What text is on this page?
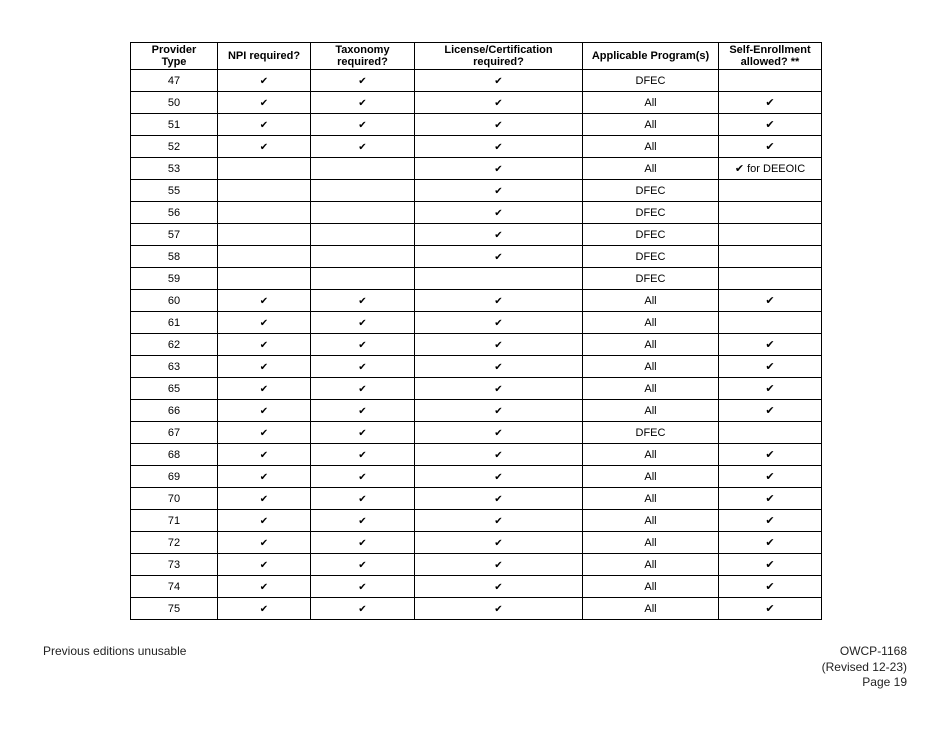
Provider Type	NPI required?	Taxonomy required?	License/Certification required?	Applicable Program(s)	Self-Enrollment allowed? **
47	✔	✔	✔	DFEC	
50	✔	✔	✔	All	✔
51	✔	✔	✔	All	✔
52	✔	✔	✔	All	✔
53			✔	All	✔ for DEEOIC
55			✔	DFEC	
56			✔	DFEC	
57			✔	DFEC	
58			✔	DFEC	
59				DFEC	
60	✔	✔	✔	All	✔
61	✔	✔	✔	All	
62	✔	✔	✔	All	✔
63	✔	✔	✔	All	✔
65	✔	✔	✔	All	✔
66	✔	✔	✔	All	✔
67	✔	✔	✔	DFEC	
68	✔	✔	✔	All	✔
69	✔	✔	✔	All	✔
70	✔	✔	✔	All	✔
71	✔	✔	✔	All	✔
72	✔	✔	✔	All	✔
73	✔	✔	✔	All	✔
74	✔	✔	✔	All	✔
75	✔	✔	✔	All	✔
Previous editions unusable	OWCP-1168
(Revised 12-23)
Page 19
